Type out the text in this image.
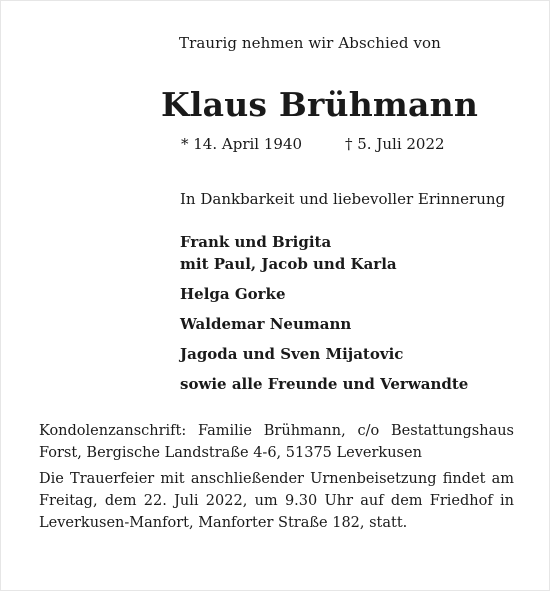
Traurig nehmen wir Abschied von
Klaus Brühmann
* 14. April 1940	† 5. Juli 2022
In Dankbarkeit und liebevoller Erinnerung
Frank und Brigita
mit Paul, Jacob und Karla
Helga Gorke
Waldemar Neumann
Jagoda und Sven Mijatovic
sowie alle Freunde und Verwandte

Kondolenzanschrift: Familie Brühmann, c/o Bestattungshaus Forst, Bergische Landstraße 4-6, 51375 Leverkusen

Die Trauerfeier mit anschließender Urnenbeisetzung findet am Freitag, dem 22. Juli 2022, um 9.30 Uhr auf dem Friedhof in Leverkusen-Manfort, Manforter Straße 182, statt.
